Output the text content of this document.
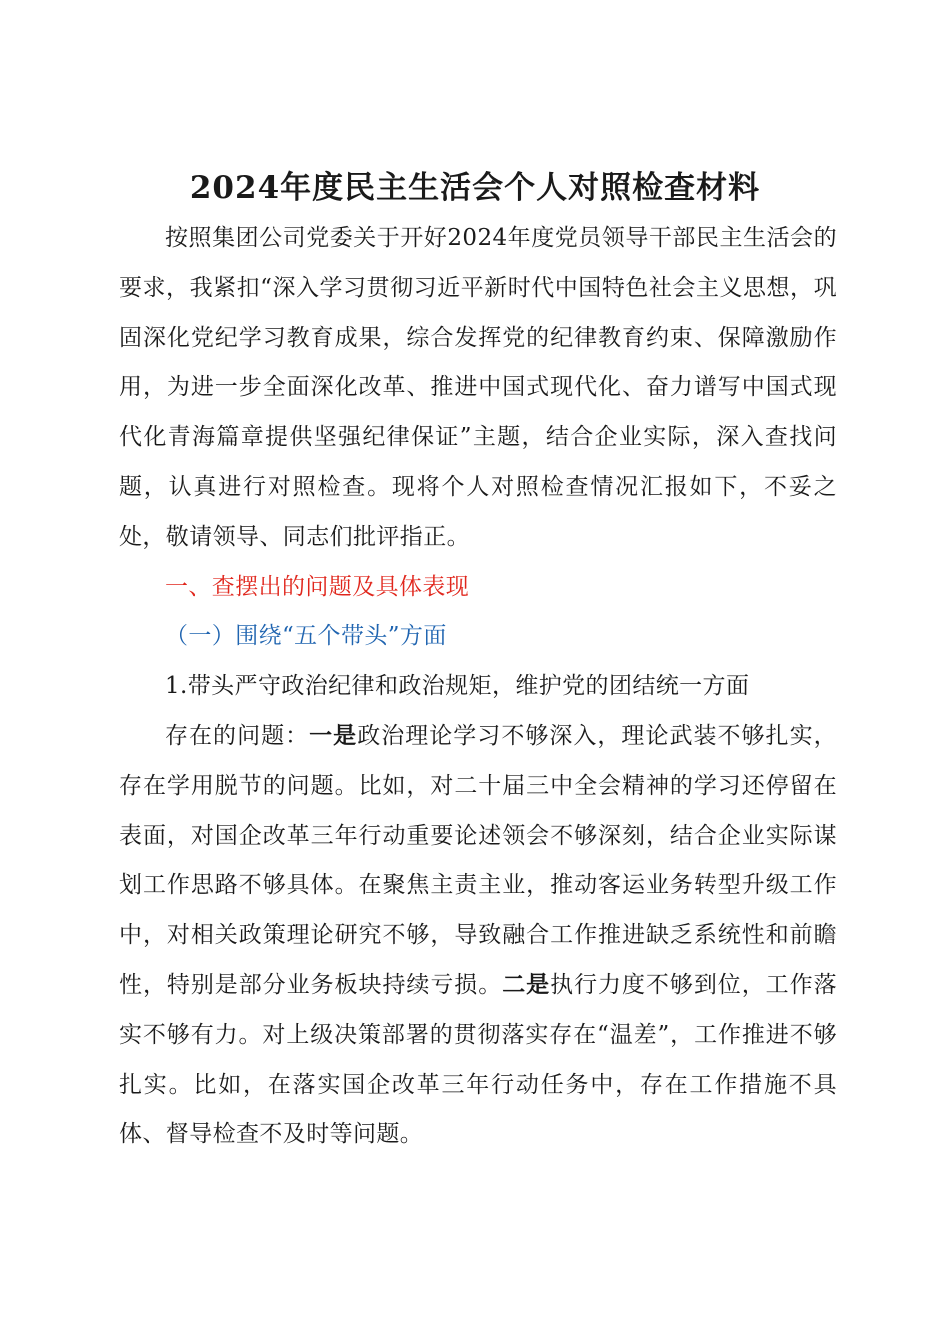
2024年度民主生活会个人对照检查材料

按照集团公司党委关于开好2024年度党员领导干部民主生活会的要求，我紧扣“深入学习贯彻习近平新时代中国特色社会主义思想，巩固深化党纪学习教育成果，综合发挥党的纪律教育约束、保障激励作用，为进一步全面深化改革、推进中国式现代化、奋力谱写中国式现代化青海篇章提供坚强纪律保证”主题，结合企业实际，深入查找问题，认真进行对照检查。现将个人对照检查情况汇报如下，不妥之处，敬请领导、同志们批评指正。

一、查摆出的问题及具体表现

（一）围绕“五个带头”方面

1.带头严守政治纪律和政治规矩，维护党的团结统一方面

存在的问题：一是政治理论学习不够深入，理论武装不够扎实，存在学用脱节的问题。比如，对二十届三中全会精神的学习还停留在表面，对国企改革三年行动重要论述领会不够深刻，结合企业实际谋划工作思路不够具体。在聚焦主责主业，推动客运业务转型升级工作中，对相关政策理论研究不够，导致融合工作推进缺乏系统性和前瞻性，特别是部分业务板块持续亏损。二是执行力度不够到位，工作落实不够有力。对上级决策部署的贯彻落实存在“温差”，工作推进不够扎实。比如，在落实国企改革三年行动任务中，存在工作措施不具体、督导检查不及时等问题。
